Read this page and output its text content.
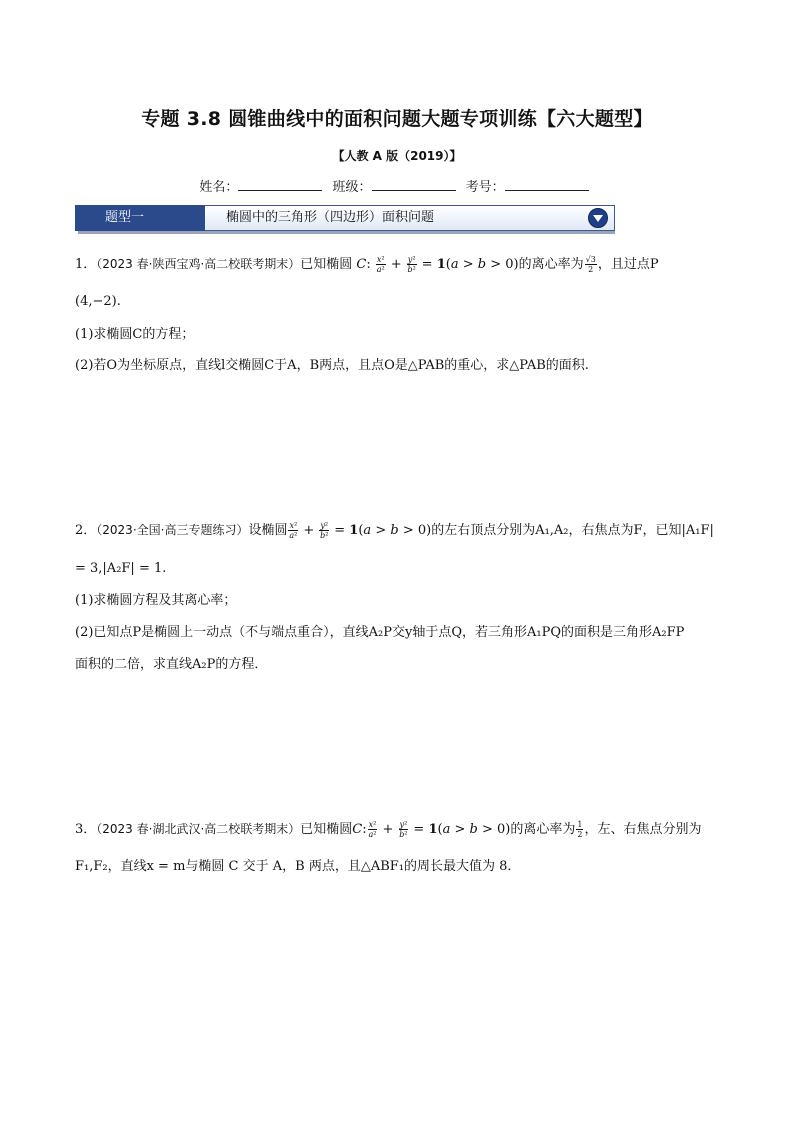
专题 3.8 圆锥曲线中的面积问题大题专项训练【六大题型】
【人教 A 版（2019）】
姓名：	班级：	考号：
椭圆中的三角形（四边形）面积问题
题型一
1．（2023 春·陕西宝鸡·高二校联考期末）已知椭圆 C: $\frac{\text{x²}}{\text{a²}} + \frac{\text{y²}}{\text{b²}} = 1(a > b > 0)$的离心率为 $\frac{√3}{2}$ ，且过点P
(4,−2).
(1)求椭圆C的方程；
(2)若O为坐标原点，直线l交椭圆C于A，B两点，且点O是△PAB的重心，求△PAB的面积.
2．（2023·全国·高三专题练习）设椭圆 $\frac{\text{x²}}{\text{a²}} + \frac{\text{y²}}{\text{b²}} = 1(a > b > 0)$的左右顶点分别为A₁,A₂，右焦点为F，已知|A₁F|
= 3,|A₂F| = 1.
(1)求椭圆方程及其离心率；
(2)已知点P是椭圆上一动点（不与端点重合），直线A₂P交y轴于点Q，若三角形A₁PQ的面积是三角形A₂FP
面积的二倍，求直线A₂P的方程．
3．（2023 春·湖北武汉·高二校联考期末）已知椭圆C: $\frac{\text{x²}}{\text{a²}} + \frac{\text{y²}}{\text{b²}} = 1(a > b > 0)$的离心率为 $\frac{1}{2}$ ，左、右焦点分别为
F₁,F₂，直线x = m与椭圆 C 交于 A，B 两点，且△ABF₁的周长最大值为 8．
